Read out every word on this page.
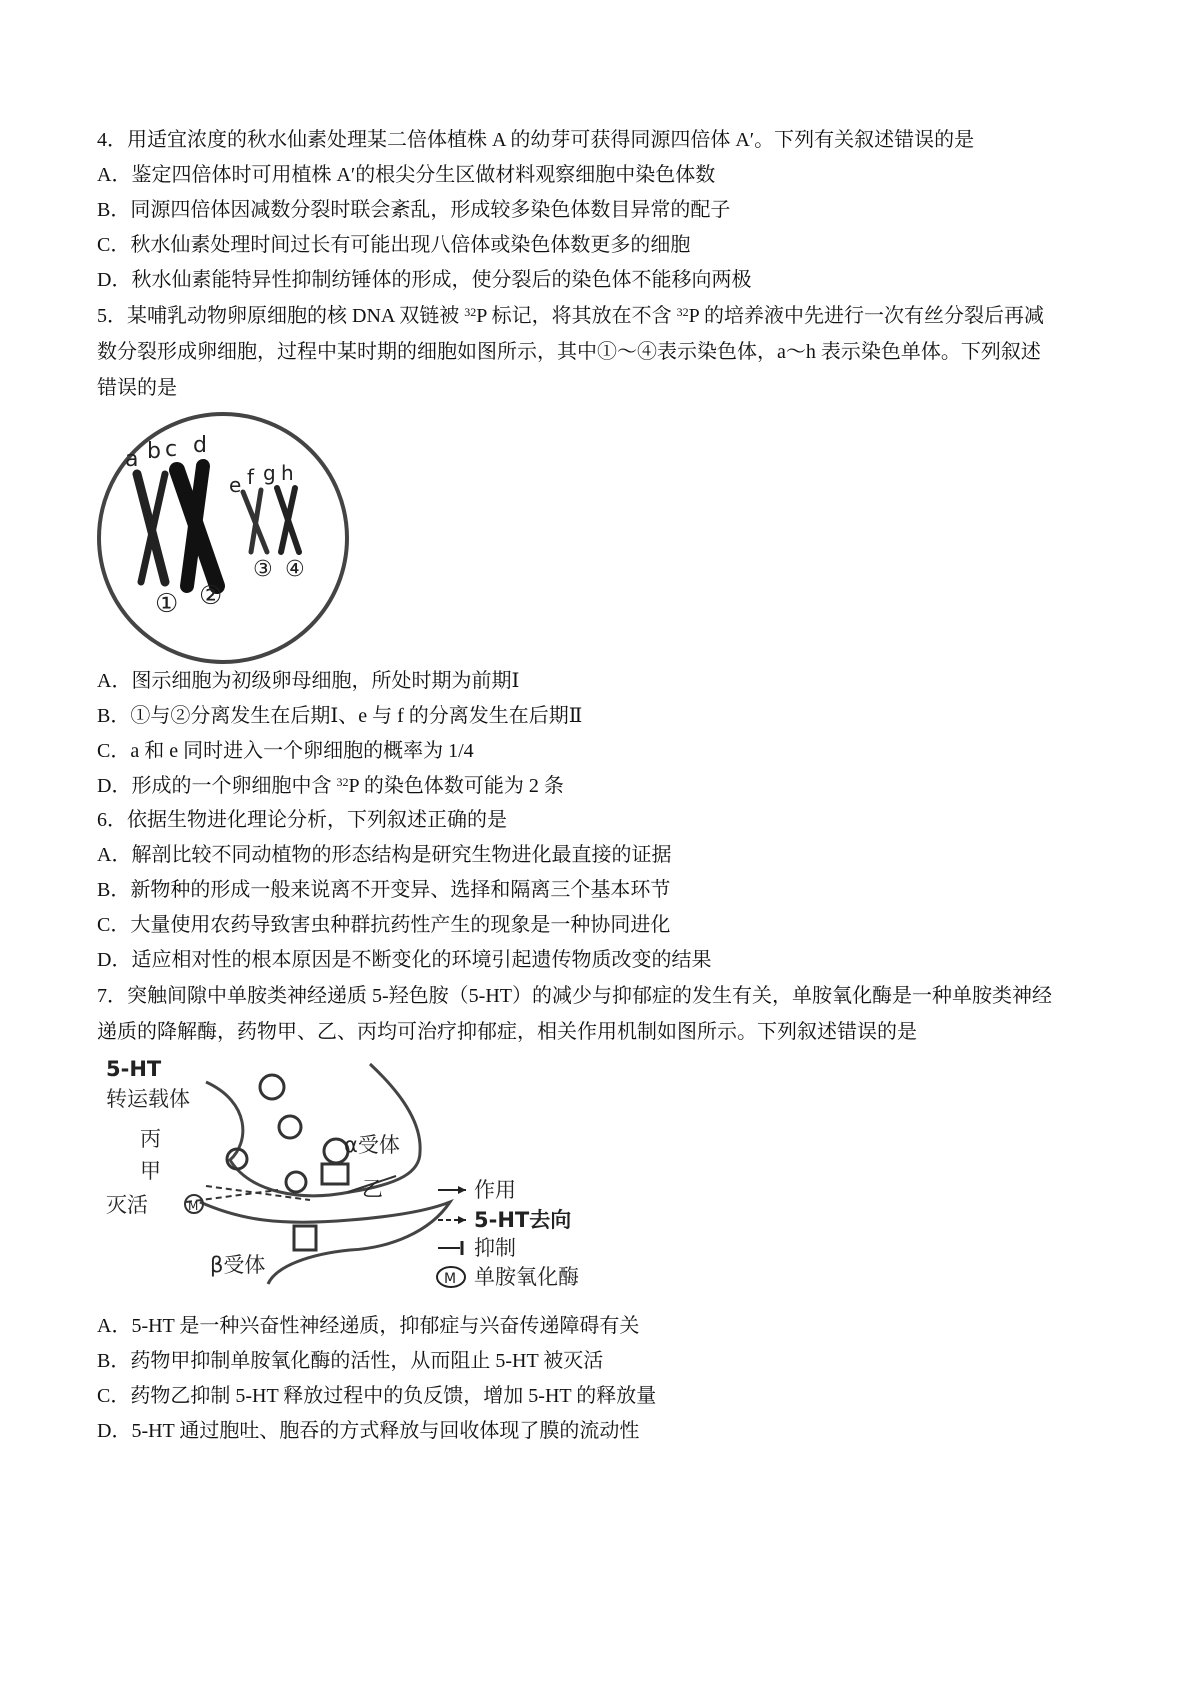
4．用适宜浓度的秋水仙素处理某二倍体植株 A 的幼芽可获得同源四倍体 A′。下列有关叙述错误的是
A．鉴定四倍体时可用植株 A′的根尖分生区做材料观察细胞中染色体数
B．同源四倍体因减数分裂时联会紊乱，形成较多染色体数目异常的配子
C．秋水仙素处理时间过长有可能出现八倍体或染色体数更多的细胞
D．秋水仙素能特异性抑制纺锤体的形成，使分裂后的染色体不能移向两极
5．某哺乳动物卵原细胞的核 DNA 双链被 $^{32}$P 标记，将其放在不含 $^{32}$P 的培养液中先进行一次有丝分裂后再减
数分裂形成卵细胞，过程中某时期的细胞如图所示，其中①～④表示染色体，a～h 表示染色单体。下列叙述
错误的是
a b c d
e f g h
① ②
③ ④
A．图示细胞为初级卵母细胞，所处时期为前期Ⅰ
B．①与②分离发生在后期Ⅰ、e 与 f 的分离发生在后期Ⅱ
C．a 和 e 同时进入一个卵细胞的概率为 1/4
D．形成的一个卵细胞中含 $^{32}$P 的染色体数可能为 2 条
6．依据生物进化理论分析，下列叙述正确的是
A．解剖比较不同动植物的形态结构是研究生物进化最直接的证据
B．新物种的形成一般来说离不开变异、选择和隔离三个基本环节
C．大量使用农药导致害虫种群抗药性产生的现象是一种协同进化
D．适应相对性的根本原因是不断变化的环境引起遗传物质改变的结果
7．突触间隙中单胺类神经递质 5-羟色胺（5-HT）的减少与抑郁症的发生有关，单胺氧化酶是一种单胺类神经
递质的降解酶，药物甲、乙、丙均可治疗抑郁症，相关作用机制如图所示。下列叙述错误的是
5-HT
转运载体
丙
甲
灭活
α受体
乙
β受体
M
作用
5-HT去向
抑制
M 单胺氧化酶
A．5-HT 是一种兴奋性神经递质，抑郁症与兴奋传递障碍有关
B．药物甲抑制单胺氧化酶的活性，从而阻止 5-HT 被灭活
C．药物乙抑制 5-HT 释放过程中的负反馈，增加 5-HT 的释放量
D．5-HT 通过胞吐、胞吞的方式释放与回收体现了膜的流动性
